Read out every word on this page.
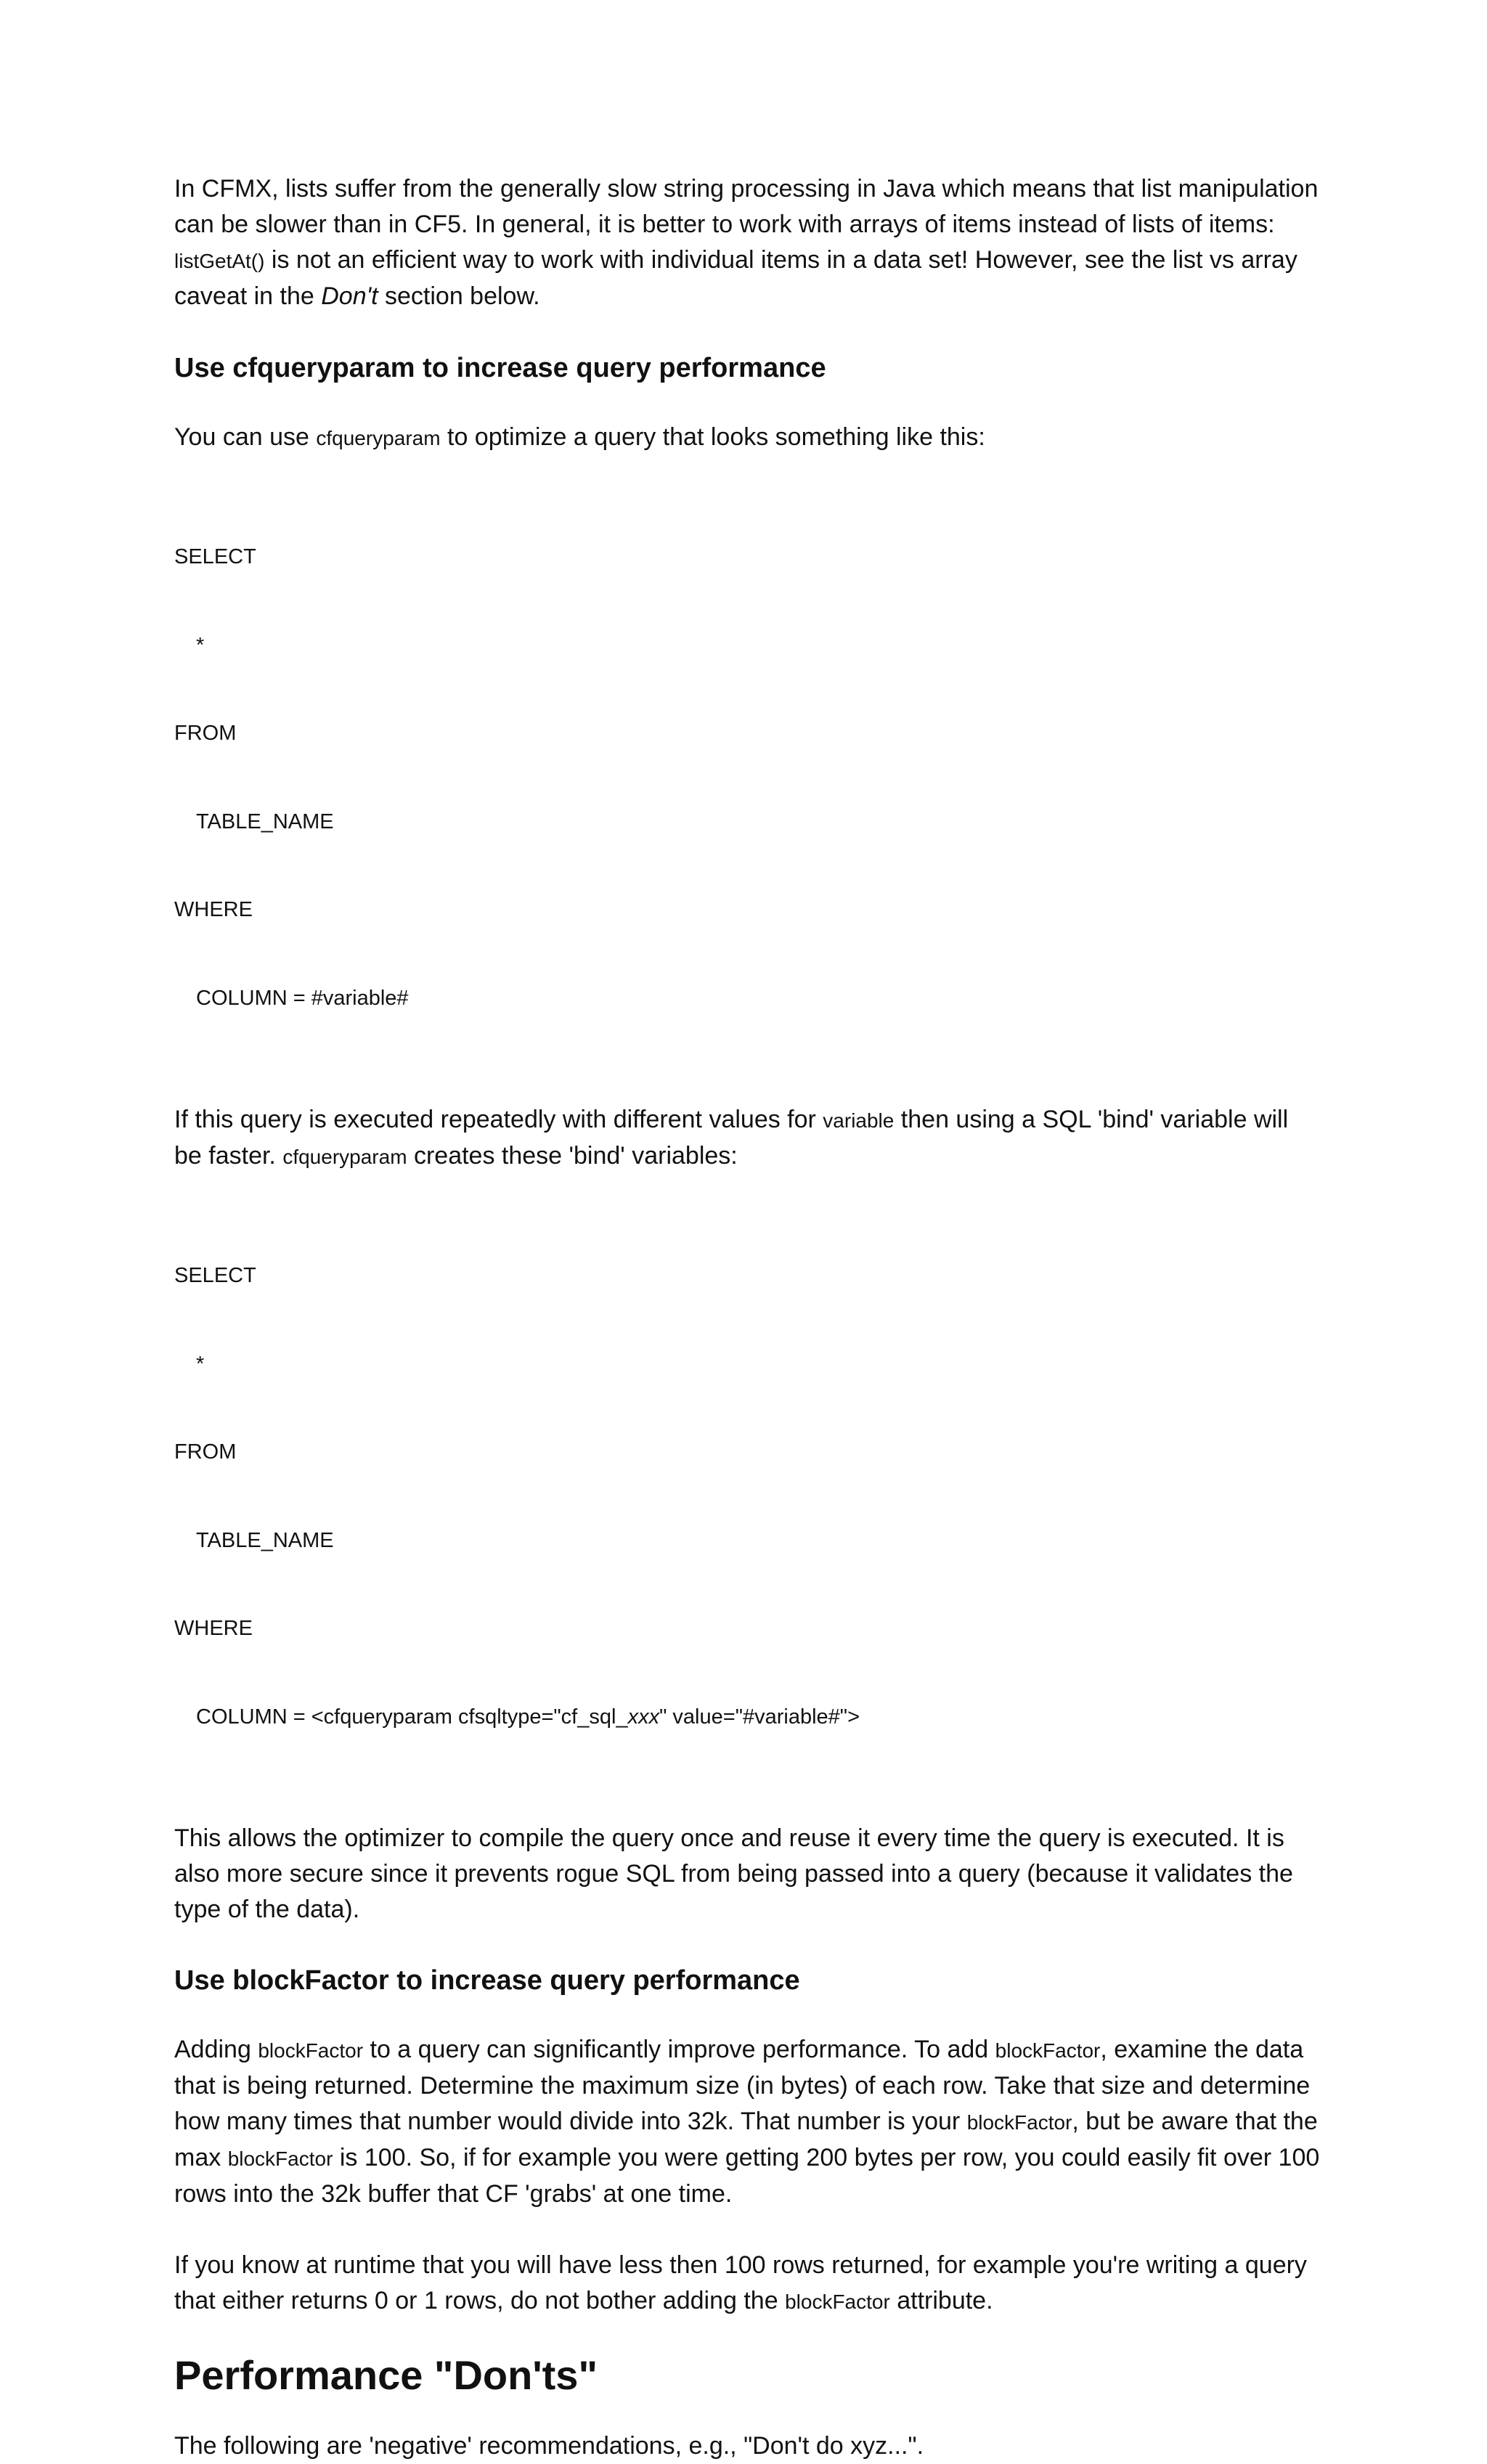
In CFMX, lists suffer from the generally slow string processing in Java which means that list manipulation can be slower than in CF5. In general, it is better to work with arrays of items instead of lists of items: listGetAt() is not an efficient way to work with individual items in a data set! However, see the list vs array caveat in the Don't section below.

Use cfqueryparam to increase query performance

You can use cfqueryparam to optimize a query that looks something like this:

SELECT

*

FROM

TABLE_NAME

WHERE

COLUMN = #variable#

If this query is executed repeatedly with different values for variable then using a SQL 'bind' variable will be faster. cfqueryparam creates these 'bind' variables:

SELECT

*

FROM

TABLE_NAME

WHERE

COLUMN = <cfqueryparam cfsqltype="cf_sql_xxx" value="#variable#">

This allows the optimizer to compile the query once and reuse it every time the query is executed. It is also more secure since it prevents rogue SQL from being passed into a query (because it validates the type of the data).

Use blockFactor to increase query performance

Adding blockFactor to a query can significantly improve performance. To add blockFactor, examine the data that is being returned. Determine the maximum size (in bytes) of each row. Take that size and determine how many times that number would divide into 32k. That number is your blockFactor, but be aware that the max blockFactor is 100. So, if for example you were getting 200 bytes per row, you could easily fit over 100 rows into the 32k buffer that CF 'grabs' at one time.

If you know at runtime that you will have less then 100 rows returned, for example you're writing a query that either returns 0 or 1 rows, do not bother adding the blockFactor attribute.

Performance "Don'ts"

The following are 'negative' recommendations, e.g., "Don't do xyz...".
